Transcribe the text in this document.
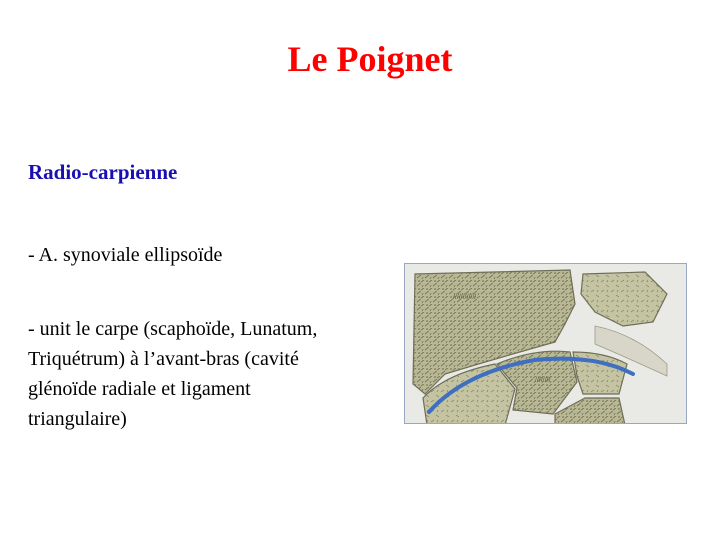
Le Poignet
Radio-carpienne
- A. synoviale ellipsoïde
- unit le carpe (scaphoïde, Lunatum,
Triquétrum) à l’avant-bras (cavité
glénoïde radiale et ligament
triangulaire)
////////////
////////
